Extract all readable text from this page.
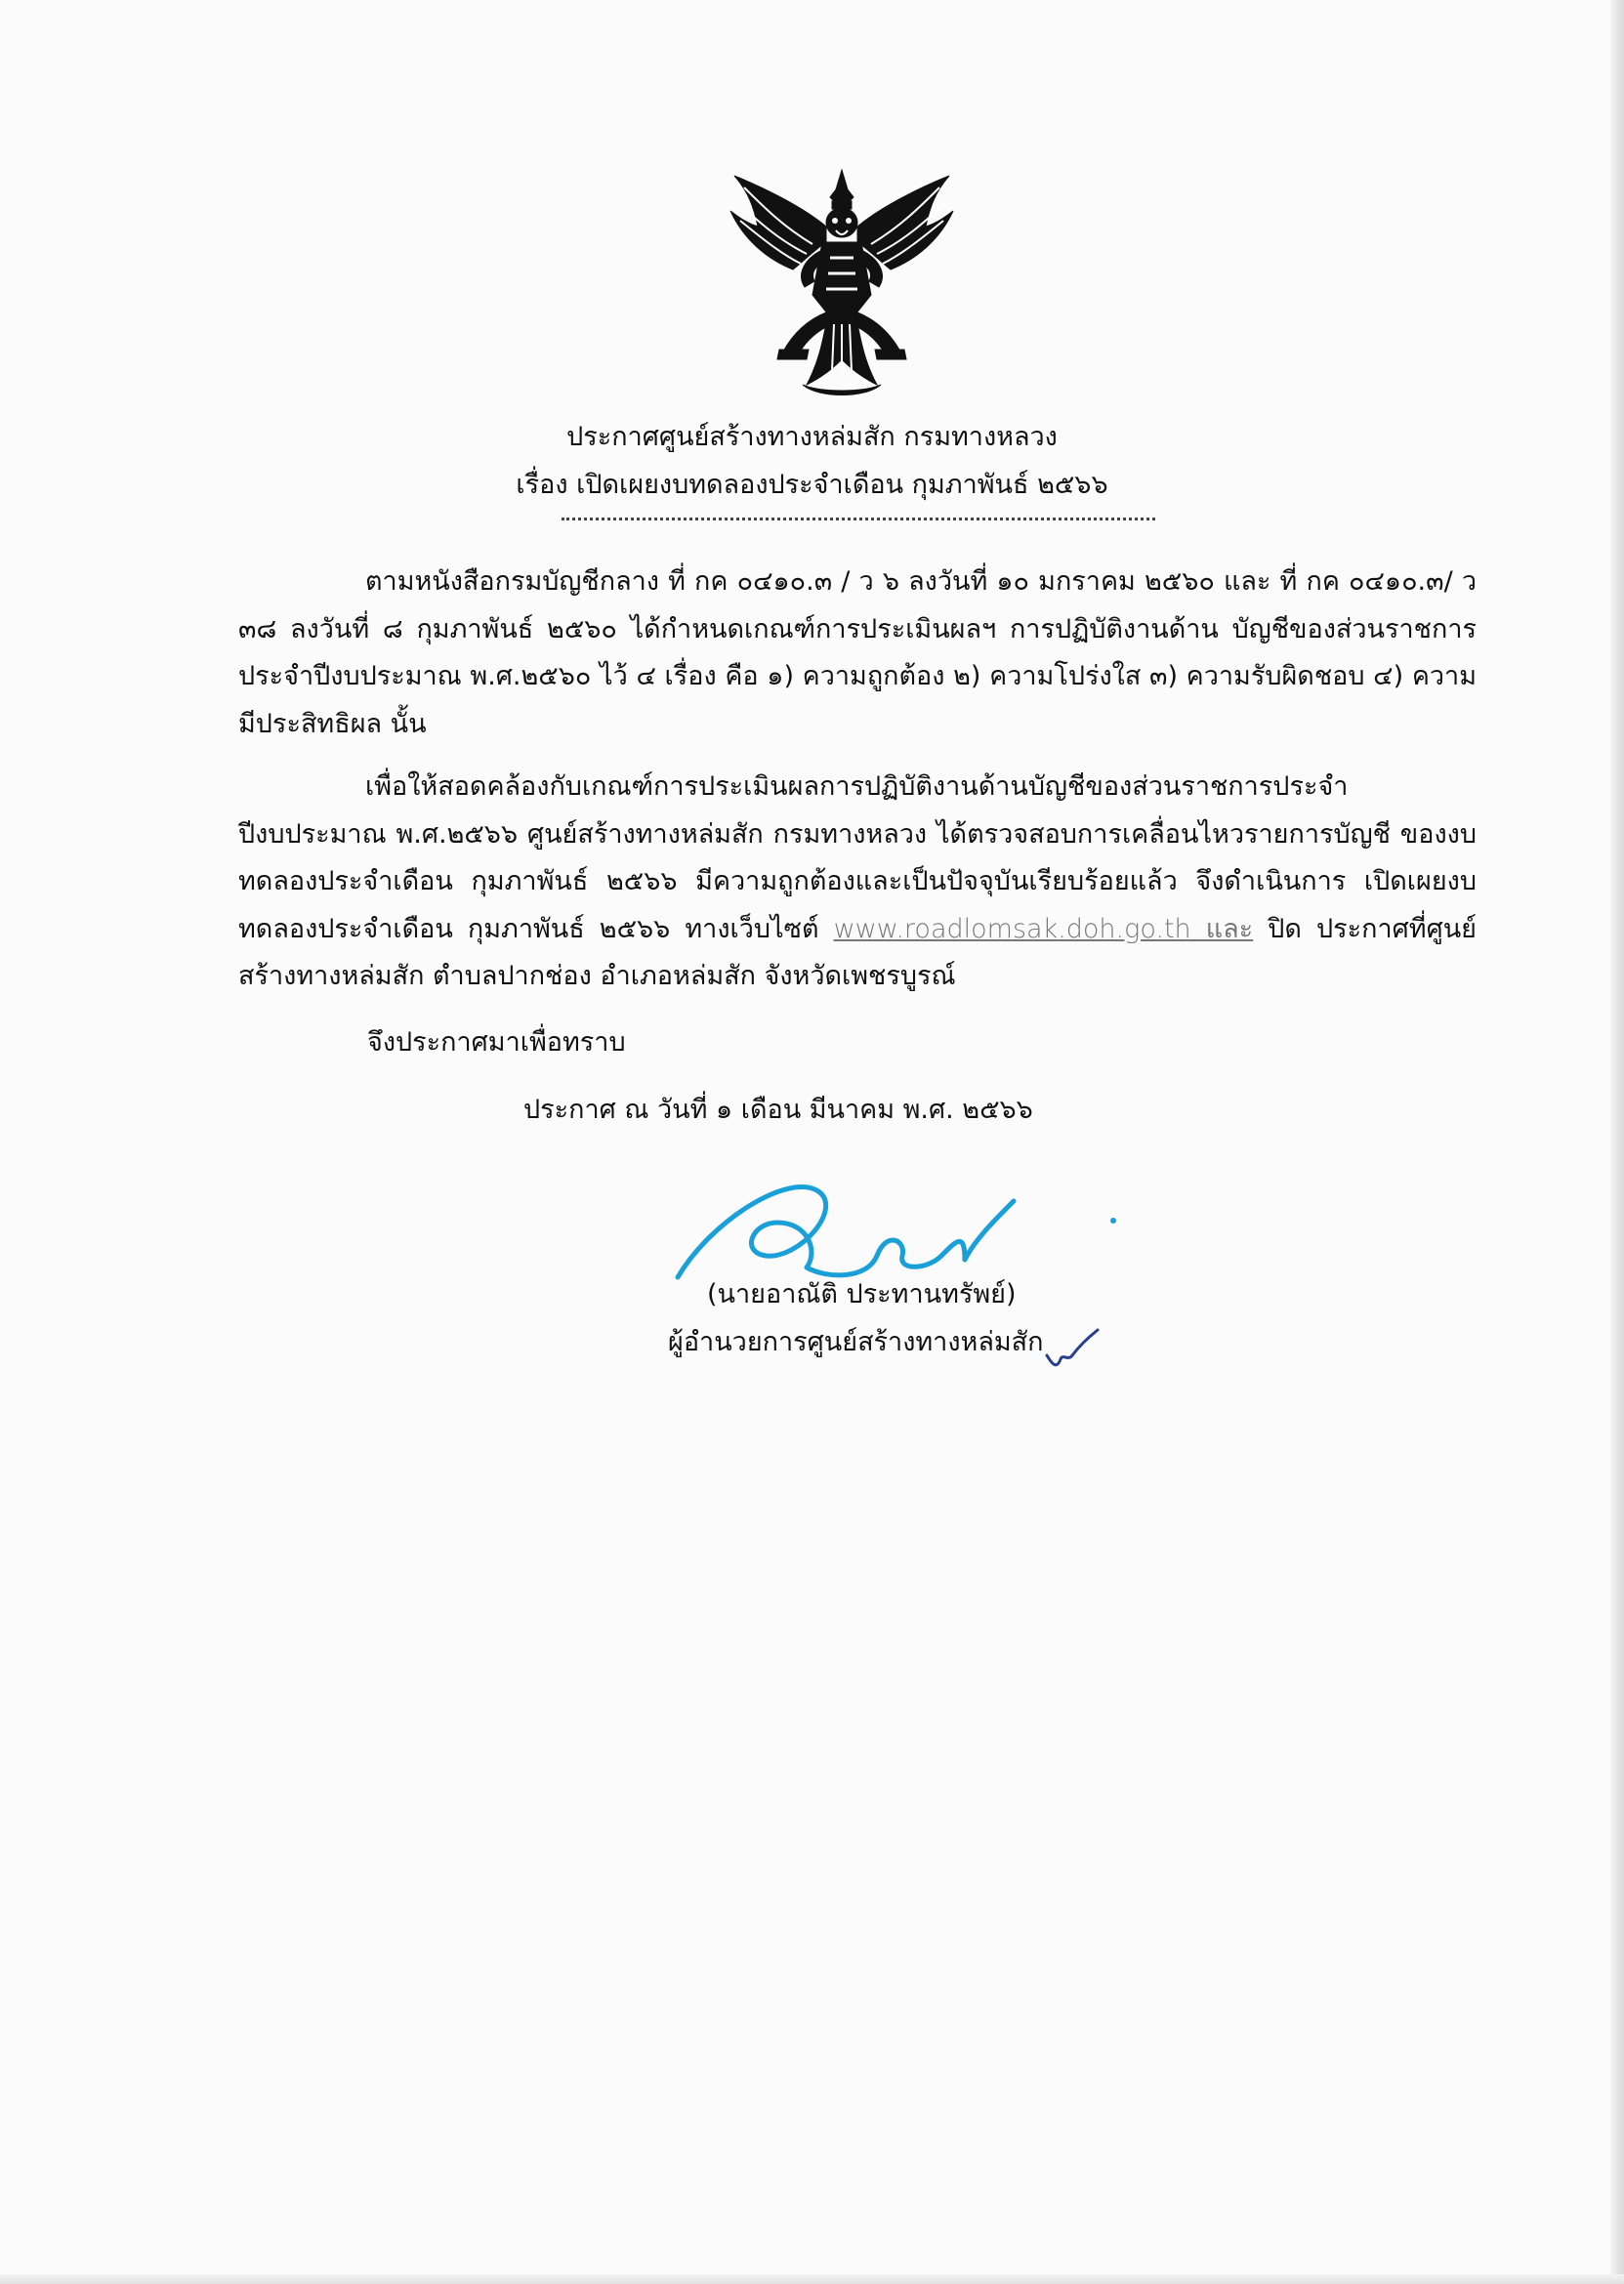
ประกาศศูนย์สร้างทางหล่มสัก กรมทางหลวง
เรื่อง เปิดเผยงบทดลองประจำเดือน กุมภาพันธ์ ๒๕๖๖
ตามหนังสือกรมบัญชีกลาง ที่ กค ๐๔๑๐.๓ / ว ๖ ลงวันที่ ๑๐ มกราคม ๒๕๖๐ และ ที่ กค ๐๔๑๐.๓/ ว ๓๘ ลงวันที่ ๘ กุมภาพันธ์ ๒๕๖๐ ได้กำหนดเกณฑ์การประเมินผลฯ การปฏิบัติงานด้าน บัญชีของส่วนราชการประจำปีงบประมาณ พ.ศ.๒๕๖๐ ไว้ ๔ เรื่อง คือ ๑) ความถูกต้อง ๒) ความโปร่งใส ๓) ความรับผิดชอบ ๔) ความมีประสิทธิผล นั้น
เพื่อให้สอดคล้องกับเกณฑ์การประเมินผลการปฏิบัติงานด้านบัญชีของส่วนราชการประจำ ปีงบประมาณ พ.ศ.๒๕๖๖ ศูนย์สร้างทางหล่มสัก กรมทางหลวง ได้ตรวจสอบการเคลื่อนไหวรายการบัญชี ของงบทดลองประจำเดือน กุมภาพันธ์ ๒๕๖๖ มีความถูกต้องและเป็นปัจจุบันเรียบร้อยแล้ว จึงดำเนินการ เปิดเผยงบทดลองประจำเดือน กุมภาพันธ์ ๒๕๖๖ ทางเว็บไซต์ www.roadlomsak.doh.go.th และ ปิด ประกาศที่ศูนย์สร้างทางหล่มสัก ตำบลปากช่อง อำเภอหล่มสัก จังหวัดเพชรบูรณ์
จึงประกาศมาเพื่อทราบ
ประกาศ ณ วันที่ ๑ เดือน มีนาคม พ.ศ. ๒๕๖๖
(นายอาณัติ ประทานทรัพย์)
ผู้อำนวยการศูนย์สร้างทางหล่มสัก
